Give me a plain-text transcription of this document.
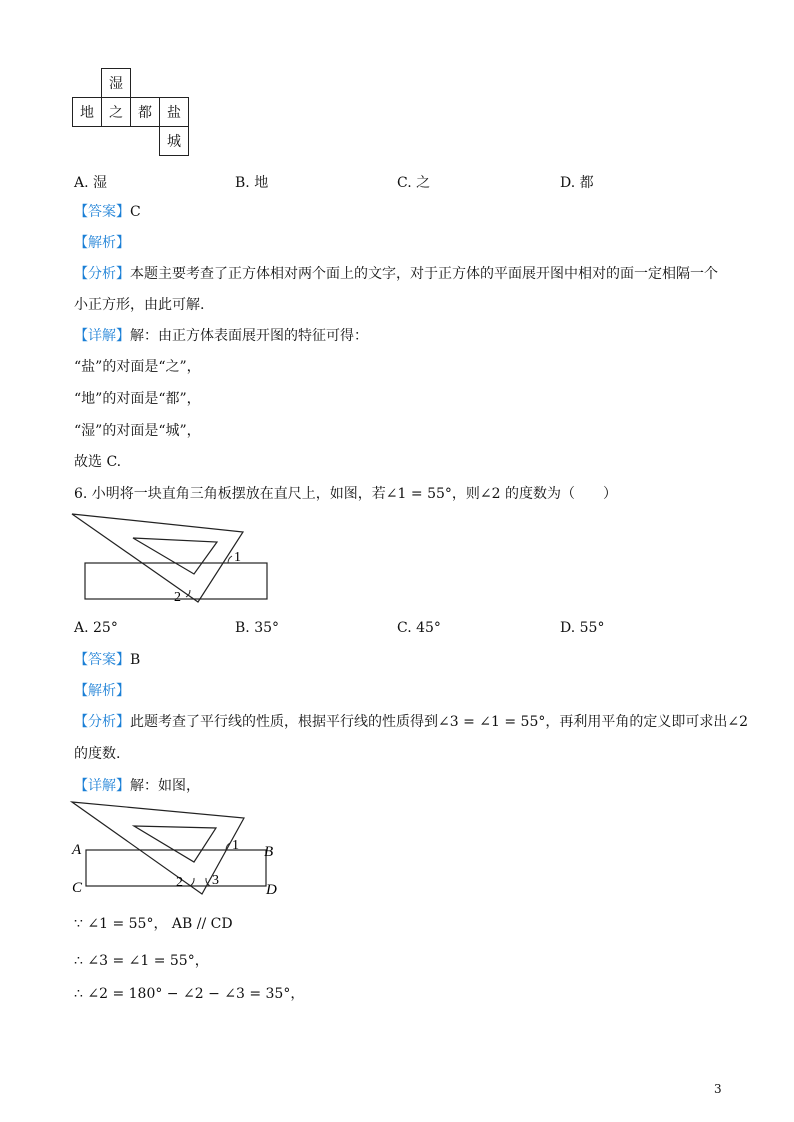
	湿		
地	之	都	盐
			城
A. 湿	B. 地	C. 之	D. 都
【答案】C
【解析】
【分析】本题主要考查了正方体相对两个面上的文字，对于正方体的平面展开图中相对的面一定相隔一个
小正方形，由此可解.
【详解】解：由正方体表面展开图的特征可得：
“盐”的对面是“之”，
“地”的对面是“都”，
“湿”的对面是“城”，
故选 C.
6. 小明将一块直角三角板摆放在直尺上，如图，若∠1 = 55°，则∠2 的度数为（　　）
1
2
A. 25°	B. 35°	C. 45°	D. 55°
【答案】B
【解析】
【分析】此题考查了平行线的性质，根据平行线的性质得到∠3 = ∠1 = 55°，再利用平角的定义即可求出∠2
的度数.
【详解】解：如图，
A	B
C	D
1
2 3
∵ ∠1 = 55°， AB // CD
∴ ∠3 = ∠1 = 55°，
∴ ∠2 = 180° − ∠2 − ∠3 = 35°，
3
